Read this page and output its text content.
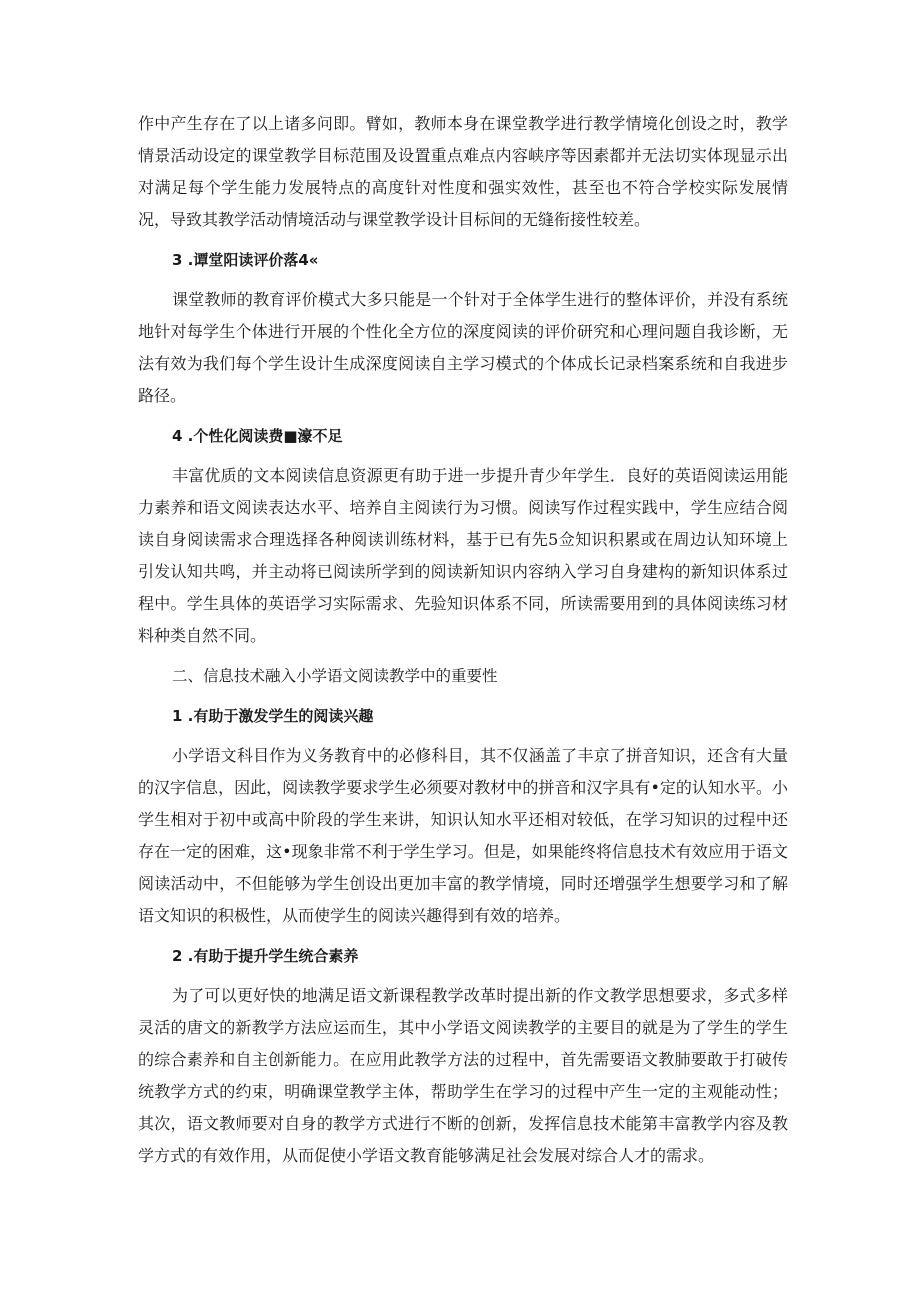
作中产生存在了以上诸多问即。臂如，教师本身在课堂教学进行教学情境化创设之时，教学情景活动设定的课堂教学目标范围及设置重点难点内容峡序等因素都并无法切实体现显示出对满足每个学生能力发展特点的高度针对性度和强实效性，甚至也不符合学校实际发展情况，导致其教学活动情境活动与课堂教学设计目标间的无缝衔接性较差。

3 .谭堂阳读评价落4«

课堂教师的教育评价模式大多只能是一个针对于全体学生进行的整体评价，并没有系统地针对每学生个体进行开展的个性化全方位的深度阅读的评价研究和心理问题自我诊断，无法有效为我们每个学生设计生成深度阅读自主学习模式的个体成长记录档案系统和自我进步路径。

4 .个性化阅读费■濠不足

丰富优质的文本阅读信息资源更有助于进一步提升青少年学生．良好的英语阅读运用能力素养和语文阅读表达水平、培养自主阅读行为习惯。阅读写作过程实践中，学生应结合阅读自身阅读需求合理选择各种阅读训练材料，基于已有先5佥知识积累或在周边认知环境上引发认知共鸣，并主动将已阅读所学到的阅读新知识内容纳入学习自身建构的新知识体系过程中。学生具体的英语学习实际需求、先验知识体系不同，所读需要用到的具体阅读练习材料种类自然不同。

二、信息技术融入小学语文阅读教学中的重要性
1 .有助于激发学生的阅读兴趣

小学语文科目作为义务教育中的必修科目，其不仅涵盖了丰京了拼音知识，还含有大量的汉字信息，因此，阅读教学要求学生必须要对教材中的拼音和汉字具有•定的认知水平。小学生相对于初中或高中阶段的学生来讲，知识认知水平还相对较低，在学习知识的过程中还存在一定的困难，这•现象非常不利于学生学习。但是，如果能终将信息技术有效应用于语文阅读活动中，不但能够为学生创设出更加丰富的教学情境，同时还增强学生想要学习和了解语文知识的积极性，从而使学生的阅读兴趣得到有效的培养。

2 .有助于提升学生统合素养

为了可以更好快的地满足语文新课程教学改革时提出新的作文教学思想要求，多式多样灵活的唐文的新教学方法应运而生，其中小学语文阅读教学的主要目的就是为了学生的学生的综合素养和自主创新能力。在应用此教学方法的过程中，首先需要语文教肺要敢于打破传统教学方式的约束，明确课堂教学主体，帮助学生在学习的过程中产生一定的主观能动性；其次，语文教师要对自身的教学方式进行不断的创新，发挥信息技术能第丰富教学内容及教学方式的有效作用，从而促使小学语文教育能够满足社会发展对综合人才的需求。
